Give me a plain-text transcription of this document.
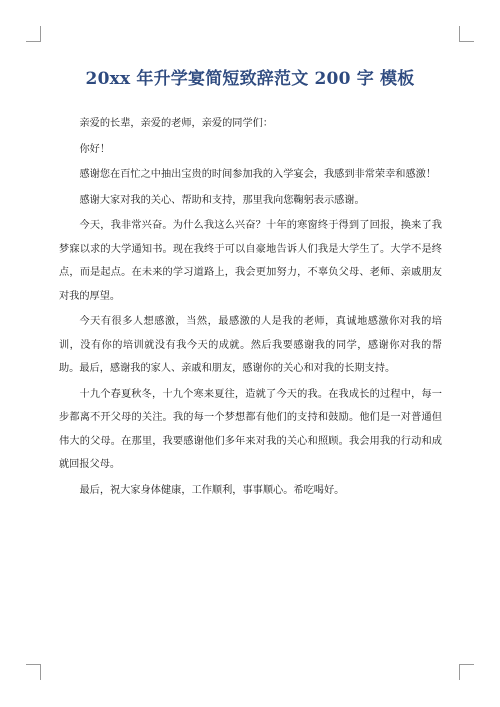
20xx 年升学宴简短致辞范文 200 字 模板

亲爱的长辈，亲爱的老师，亲爱的同学们：

你好！

感谢您在百忙之中抽出宝贵的时间参加我的入学宴会，我感到非常荣幸和感激！

感谢大家对我的关心、帮助和支持，那里我向您鞠躬表示感谢。

今天，我非常兴奋。为什么我这么兴奋？十年的寒窗终于得到了回报，换来了我梦寐以求的大学通知书。现在我终于可以自豪地告诉人们我是大学生了。大学不是终点，而是起点。在未来的学习道路上，我会更加努力，不辜负父母、老师、亲戚朋友对我的厚望。

今天有很多人想感激，当然，最感激的人是我的老师，真诚地感激你对我的培训，没有你的培训就没有我今天的成就。然后我要感谢我的同学，感谢你对我的帮助。最后，感谢我的家人、亲戚和朋友，感谢你的关心和对我的长期支持。

十九个春夏秋冬，十九个寒来夏往，造就了今天的我。在我成长的过程中，每一步都离不开父母的关注。我的每一个梦想都有他们的支持和鼓励。他们是一对普通但伟大的父母。在那里，我要感谢他们多年来对我的关心和照顾。我会用我的行动和成就回报父母。

最后，祝大家身体健康，工作顺利，事事顺心。希吃喝好。
